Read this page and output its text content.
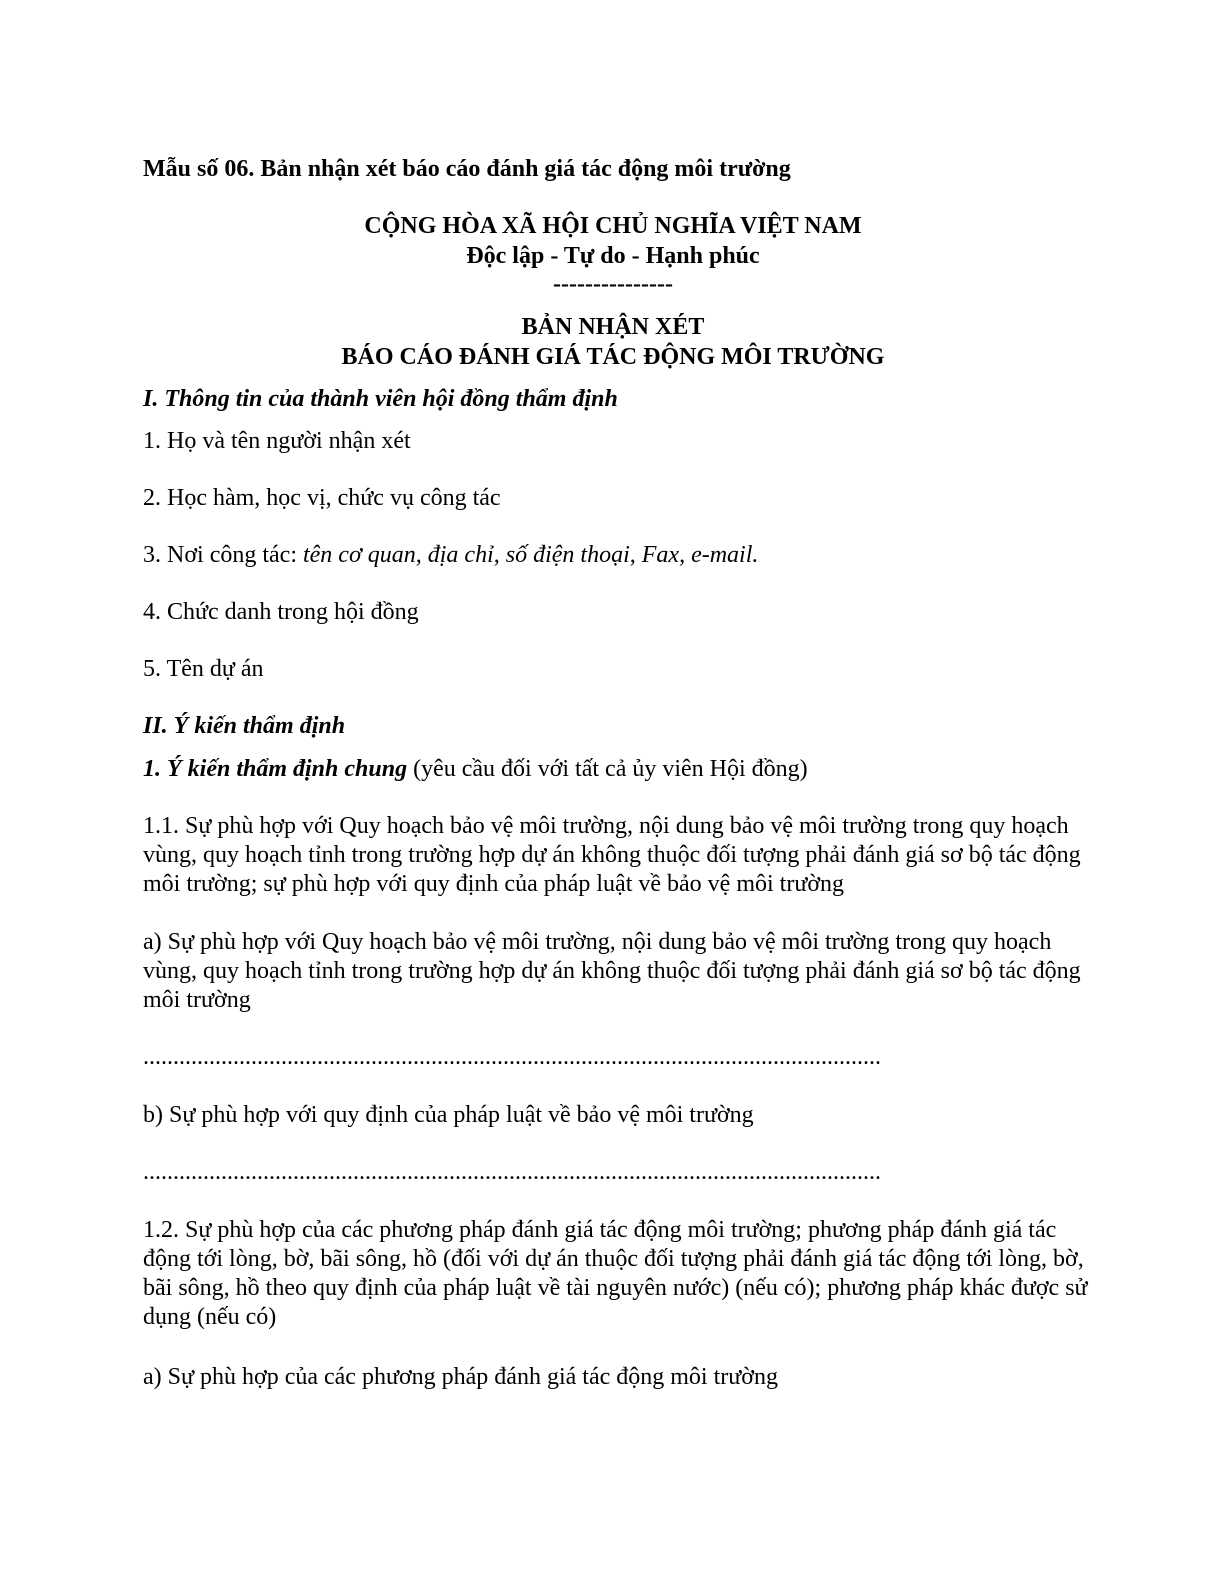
Mẫu số 06. Bản nhận xét báo cáo đánh giá tác động môi trường

CỘNG HÒA XÃ HỘI CHỦ NGHĨA VIỆT NAM

Độc lập - Tự do - Hạnh phúc

---------------

BẢN NHẬN XÉT

BÁO CÁO ĐÁNH GIÁ TÁC ĐỘNG MÔI TRƯỜNG

I. Thông tin của thành viên hội đồng thẩm định

1. Họ và tên người nhận xét

2. Học hàm, học vị, chức vụ công tác

3. Nơi công tác: tên cơ quan, địa chỉ, số điện thoại, Fax, e-mail.

4. Chức danh trong hội đồng

5. Tên dự án

II. Ý kiến thẩm định

1. Ý kiến thẩm định chung (yêu cầu đối với tất cả ủy viên Hội đồng)

1.1. Sự phù hợp với Quy hoạch bảo vệ môi trường, nội dung bảo vệ môi trường trong quy hoạch vùng, quy hoạch tỉnh trong trường hợp dự án không thuộc đối tượng phải đánh giá sơ bộ tác động môi trường; sự phù hợp với quy định của pháp luật về bảo vệ môi trường

a) Sự phù hợp với Quy hoạch bảo vệ môi trường, nội dung bảo vệ môi trường trong quy hoạch vùng, quy hoạch tỉnh trong trường hợp dự án không thuộc đối tượng phải đánh giá sơ bộ tác động môi trường

...........................................................................................................................

b) Sự phù hợp với quy định của pháp luật về bảo vệ môi trường

...........................................................................................................................

1.2. Sự phù hợp của các phương pháp đánh giá tác động môi trường; phương pháp đánh giá tác động tới lòng, bờ, bãi sông, hồ (đối với dự án thuộc đối tượng phải đánh giá tác động tới lòng, bờ, bãi sông, hồ theo quy định của pháp luật về tài nguyên nước) (nếu có); phương pháp khác được sử dụng (nếu có)

a) Sự phù hợp của các phương pháp đánh giá tác động môi trường
